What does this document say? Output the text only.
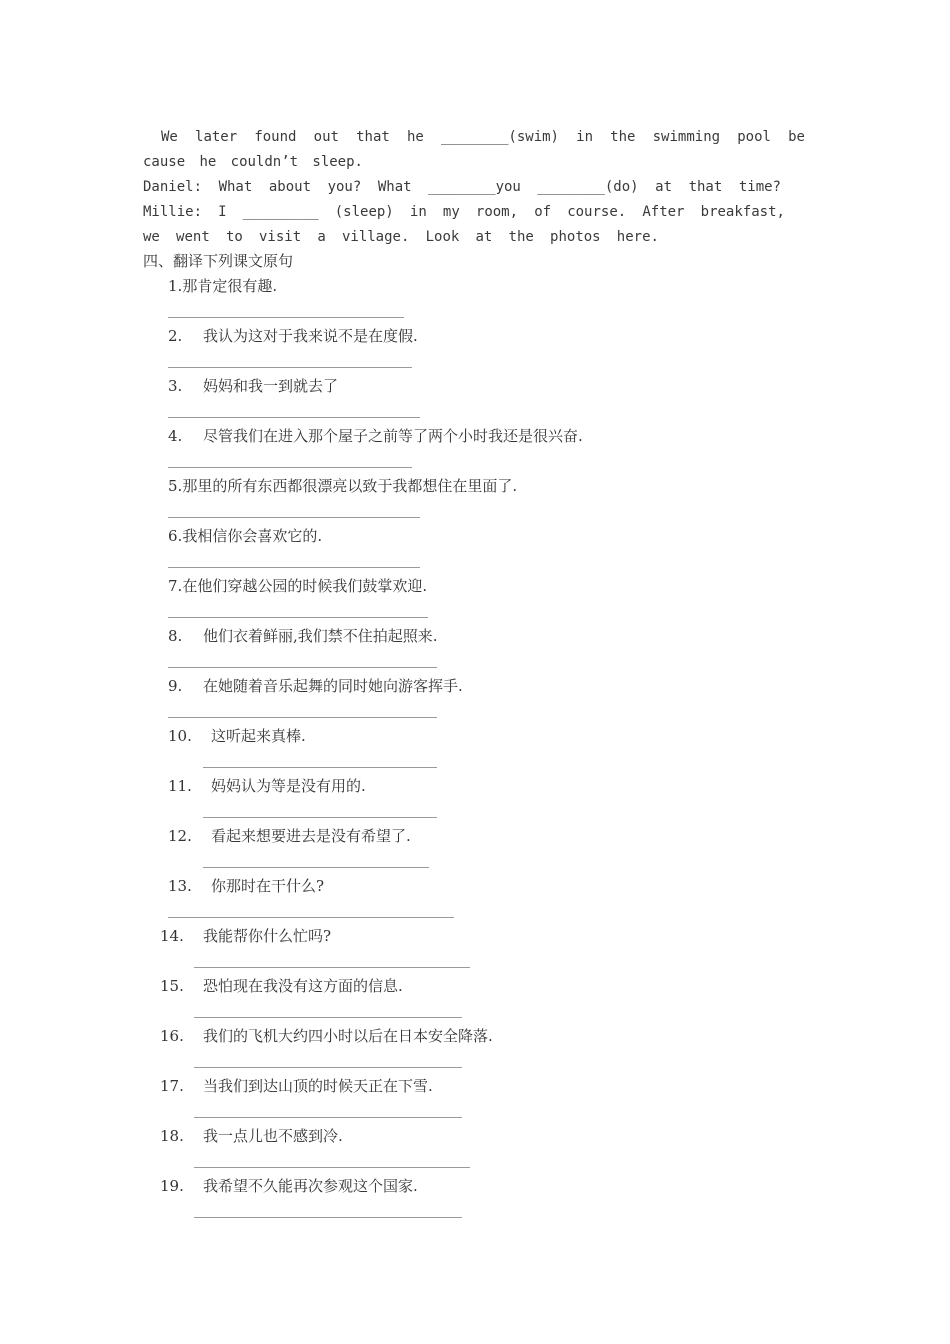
We later found out that he ________(swim) in the swimming pool be
cause he couldn’t sleep.
Daniel: What about you? What ________you ________(do) at that time?
Millie: I _________ (sleep) in my room, of course. After breakfast,
we went to visit a village. Look at the photos here.
四、翻译下列课文原句
1.那肯定很有趣.
2. 我认为这对于我来说不是在度假.
3. 妈妈和我一到就去了
4. 尽管我们在进入那个屋子之前等了两个小时我还是很兴奋.
5.那里的所有东西都很漂亮以致于我都想住在里面了.
6.我相信你会喜欢它的.
7.在他们穿越公园的时候我们鼓掌欢迎.
8. 他们衣着鲜丽,我们禁不住拍起照来.
9. 在她随着音乐起舞的同时她向游客挥手.
10. 这听起来真棒.
11. 妈妈认为等是没有用的.
12. 看起来想要进去是没有希望了.
13. 你那时在干什么?
14. 我能帮你什么忙吗?
15. 恐怕现在我没有这方面的信息.
16. 我们的飞机大约四小时以后在日本安全降落.
17. 当我们到达山顶的时候天正在下雪.
18. 我一点儿也不感到冷.
19. 我希望不久能再次参观这个国家.
